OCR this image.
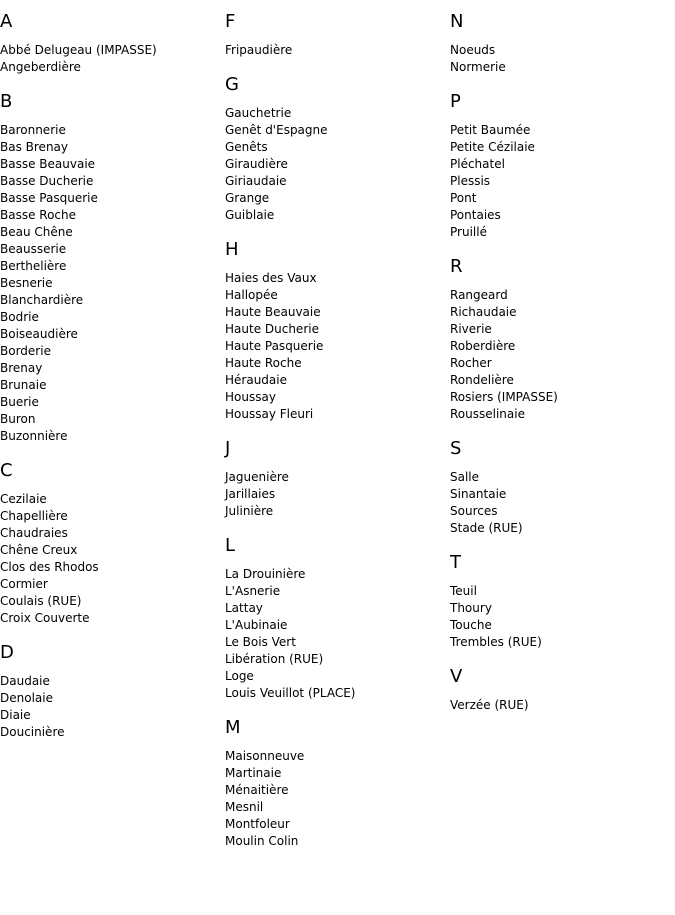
A
Abbé Delugeau (IMPASSE)
Angeberdière
B
Baronnerie
Bas Brenay
Basse Beauvaie
Basse Ducherie
Basse Pasquerie
Basse Roche
Beau Chêne
Beausserie
Berthelière
Besnerie
Blanchardière
Bodrie
Boiseaudière
Borderie
Brenay
Brunaie
Buerie
Buron
Buzonnière
C
Cezilaie
Chapellière
Chaudraies
Chêne Creux
Clos des Rhodos
Cormier
Coulais (RUE)
Croix Couverte
D
Daudaie
Denolaie
Diaie
Doucinière
F
Fripaudière
G
Gauchetrie
Genêt d'Espagne
Genêts
Giraudière
Giriaudaie
Grange
Guiblaie
H
Haies des Vaux
Hallopée
Haute Beauvaie
Haute Ducherie
Haute Pasquerie
Haute Roche
Héraudaie
Houssay
Houssay Fleuri
J
Jaguenière
Jarillaies
Julinière
L
La Drouinière
L'Asnerie
Lattay
L'Aubinaie
Le Bois Vert
Libération (RUE)
Loge
Louis Veuillot (PLACE)
M
Maisonneuve
Martinaie
Ménaitière
Mesnil
Montfoleur
Moulin Colin
N
Noeuds
Normerie
P
Petit Baumée
Petite Cézilaie
Pléchatel
Plessis
Pont
Pontaies
Pruillé
R
Rangeard
Richaudaie
Riverie
Roberdière
Rocher
Rondelière
Rosiers (IMPASSE)
Rousselinaie
S
Salle
Sinantaie
Sources
Stade (RUE)
T
Teuil
Thoury
Touche
Trembles (RUE)
V
Verzée (RUE)
